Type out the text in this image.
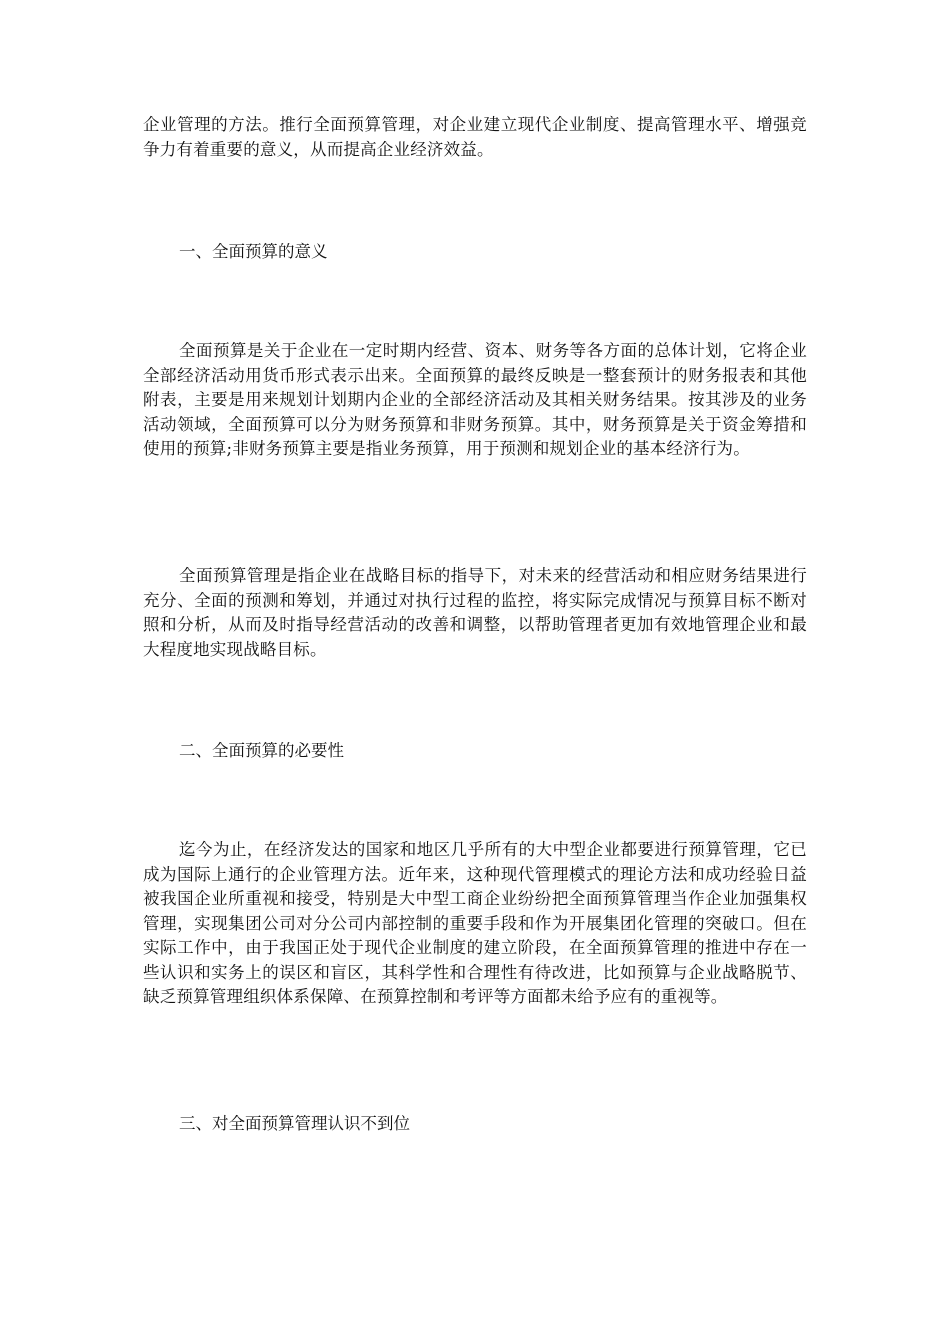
企业管理的方法。推行全面预算管理，对企业建立现代企业制度、提高管理水平、增强竞争力有着重要的意义，从而提高企业经济效益。

一、全面预算的意义

全面预算是关于企业在一定时期内经营、资本、财务等各方面的总体计划，它将企业全部经济活动用货币形式表示出来。全面预算的最终反映是一整套预计的财务报表和其他附表，主要是用来规划计划期内企业的全部经济活动及其相关财务结果。按其涉及的业务活动领域，全面预算可以分为财务预算和非财务预算。其中，财务预算是关于资金筹措和使用的预算;非财务预算主要是指业务预算，用于预测和规划企业的基本经济行为。

全面预算管理是指企业在战略目标的指导下，对未来的经营活动和相应财务结果进行充分、全面的预测和筹划，并通过对执行过程的监控，将实际完成情况与预算目标不断对照和分析，从而及时指导经营活动的改善和调整，以帮助管理者更加有效地管理企业和最大程度地实现战略目标。

二、全面预算的必要性

迄今为止，在经济发达的国家和地区几乎所有的大中型企业都要进行预算管理，它已成为国际上通行的企业管理方法。近年来，这种现代管理模式的理论方法和成功经验日益被我国企业所重视和接受，特别是大中型工商企业纷纷把全面预算管理当作企业加强集权管理，实现集团公司对分公司内部控制的重要手段和作为开展集团化管理的突破口。但在实际工作中，由于我国正处于现代企业制度的建立阶段，在全面预算管理的推进中存在一些认识和实务上的误区和盲区，其科学性和合理性有待改进，比如预算与企业战略脱节、缺乏预算管理组织体系保障、在预算控制和考评等方面都未给予应有的重视等。

三、对全面预算管理认识不到位
